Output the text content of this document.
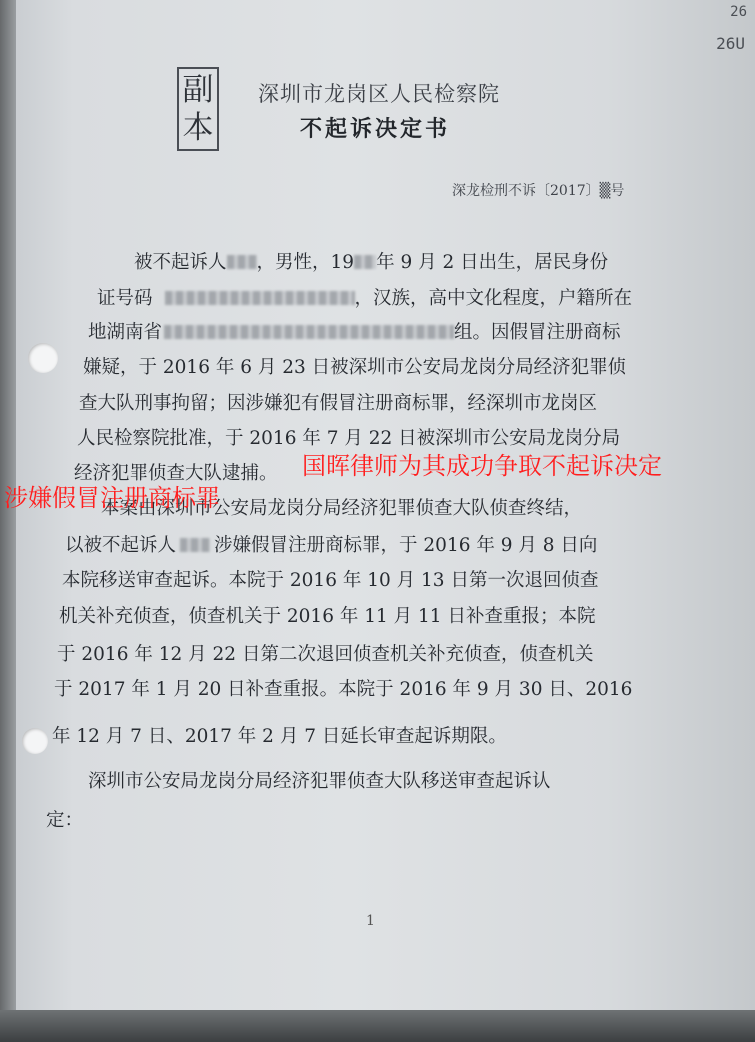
26
26U
副
本
深圳市龙岗区人民检察院
不起诉决定书
深龙检刑不诉〔2017〕▒号
被不起诉人 ，男性，19 年 9 月 2 日出生，居民身份
证号码	，汉族，高中文化程度，户籍所在
地湖南省	组。因假冒注册商标
嫌疑，于 2016 年 6 月 23 日被深圳市公安局龙岗分局经济犯罪侦
查大队刑事拘留；因涉嫌犯有假冒注册商标罪，经深圳市龙岗区
人民检察院批准，于 2016 年 7 月 22 日被深圳市公安局龙岗分局
经济犯罪侦查大队逮捕。
本案由深圳市公安局龙岗分局经济犯罪侦查大队侦查终结，
以被不起诉人 涉嫌假冒注册商标罪，于 2016 年 9 月 8 日向
本院移送审查起诉。本院于 2016 年 10 月 13 日第一次退回侦查
机关补充侦查，侦查机关于 2016 年 11 月 11 日补查重报；本院
于 2016 年 12 月 22 日第二次退回侦查机关补充侦查，侦查机关
于 2017 年 1 月 20 日补查重报。本院于 2016 年 9 月 30 日、2016
年 12 月 7 日、2017 年 2 月 7 日延长审查起诉期限。
深圳市公安局龙岗分局经济犯罪侦查大队移送审查起诉认
定：
涉嫌假冒注册商标罪
国晖律师为其成功争取不起诉决定
1
